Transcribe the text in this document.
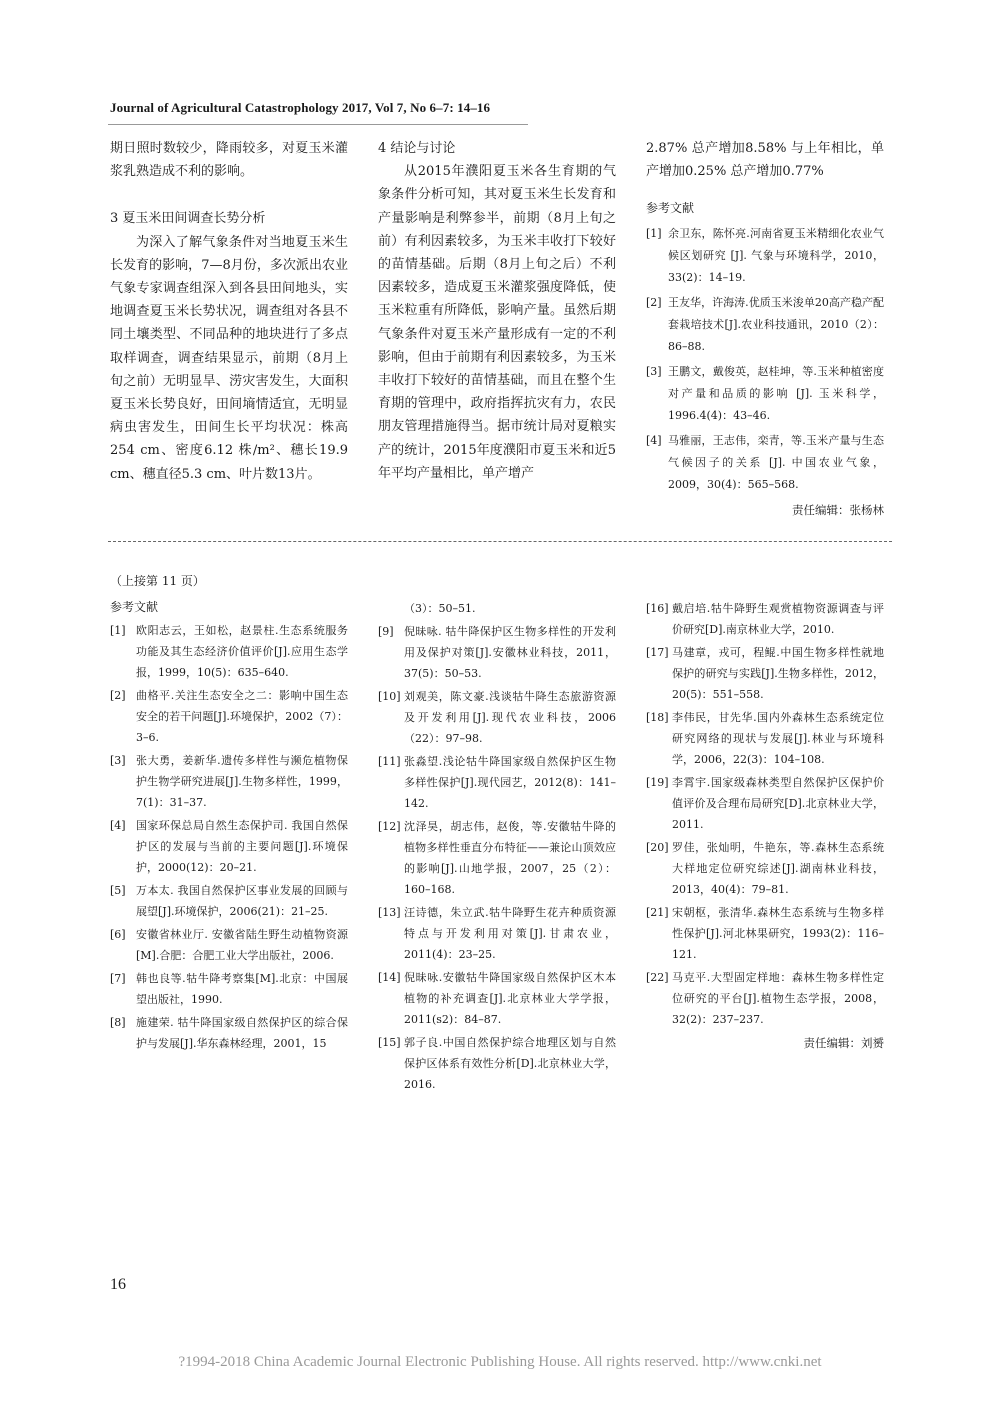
Journal of Agricultural Catastrophology 2017, Vol 7, No 6–7: 14–16

期日照时数较少，降雨较多，对夏玉米灌浆乳熟造成不利的影响。

3 夏玉米田间调查长势分析

为深入了解气象条件对当地夏玉米生长发育的影响，7—8月份，多次派出农业气象专家调查组深入到各县田间地头，实地调查夏玉米长势状况，调查组对各县不同土壤类型、不同品种的地块进行了多点取样调查，调查结果显示，前期（8月上旬之前）无明显旱、涝灾害发生，大面积夏玉米长势良好，田间墒情适宜，无明显病虫害发生，田间生长平均状况：株高254 cm、密度6.12 株/m²、穗长19.9 cm、穗直径5.3 cm、叶片数13片。

4 结论与讨论

从2015年濮阳夏玉米各生育期的气象条件分析可知，其对夏玉米生长发育和产量影响是利弊参半，前期（8月上旬之前）有利因素较多，为玉米丰收打下较好的苗情基础。后期（8月上旬之后）不利因素较多，造成夏玉米灌浆强度降低，使玉米粒重有所降低，影响产量。虽然后期气象条件对夏玉米产量形成有一定的不利影响，但由于前期有利因素较多，为玉米丰收打下较好的苗情基础，而且在整个生育期的管理中，政府指挥抗灾有力，农民朋友管理措施得当。据市统计局对夏粮实产的统计，2015年度濮阳市夏玉米和近5年平均产量相比，单产增产

2.87% 总产增加8.58% 与上年相比，单产增加0.25% 总产增加0.77%

参考文献

[1] 余卫东，陈怀亮.河南省夏玉米精细化农业气候区划研究 [J]. 气象与环境科学，2010，33(2)：14–19.
[2] 王友华，许海涛.优质玉米浚单20高产稳产配套栽培技术[J].农业科技通讯，2010（2）：86–88.
[3] 王鹏文，戴俊英，赵桂坤，等.玉米种植密度对产量和品质的影响 [J]. 玉米科学，1996.4(4)：43–46.
[4] 马雅丽，王志伟，栾青，等.玉米产量与生态气候因子的关系 [J]. 中国农业气象，2009，30(4)：565–568.

责任编辑：张杨林

（上接第 11 页）

参考文献

[1] 欧阳志云，王如松，赵景柱.生态系统服务功能及其生态经济价值评价[J].应用生态学报，1999，10(5)：635–640.
[2] 曲格平.关注生态安全之二：影响中国生态安全的若干问题[J].环境保护，2002（7）：3–6.
[3] 张大勇，姜新华.遗传多样性与濒危植物保护生物学研究进展[J].生物多样性，1999，7(1)：31–37.
[4] 国家环保总局自然生态保护司. 我国自然保护区的发展与当前的主要问题[J].环境保护，2000(12)：20–21.
[5] 万本太. 我国自然保护区事业发展的回顾与展望[J].环境保护，2006(21)：21–25.
[6] 安徽省林业厅. 安徽省陆生野生动植物资源[M].合肥：合肥工业大学出版社，2006.
[7] 韩也良等.牯牛降考察集[M].北京：中国展望出版社，1990.
[8] 施建荣. 牯牛降国家级自然保护区的综合保护与发展[J].华东森林经理，2001，15
（3）：50–51.
[9] 倪昧咏. 牯牛降保护区生物多样性的开发利用及保护对策[J].安徽林业科技，2011，37(5)：50–53.
[10] 刘观美，陈文豪.浅谈牯牛降生态旅游资源及开发利用[J].现代农业科技，2006（22）：97–98.
[11] 张淼望.浅论牯牛降国家级自然保护区生物多样性保护[J].现代园艺，2012(8)：141–142.
[12] 沈泽昊，胡志伟，赵俊，等.安徽牯牛降的植物多样性垂直分布特征——兼论山顶效应的影响[J].山地学报，2007，25（2）：160–168.
[13] 汪诗德，朱立武.牯牛降野生花卉种质资源特点与开发利用对策[J].甘肃农业，2011(4)：23–25.
[14] 倪昧咏.安徽牯牛降国家级自然保护区木本植物的补充调查[J].北京林业大学学报，2011(s2)：84–87.
[15] 郭子良.中国自然保护综合地理区划与自然保护区体系有效性分析[D].北京林业大学，2016.
[16] 戴启培.牯牛降野生观赏植物资源调查与评价研究[D].南京林业大学，2010.
[17] 马建章，戎可，程鲲.中国生物多样性就地保护的研究与实践[J].生物多样性，2012，20(5)：551–558.
[18] 李伟民，甘先华.国内外森林生态系统定位研究网络的现状与发展[J].林业与环境科学，2006，22(3)：104–108.
[19] 李霄宇.国家级森林类型自然保护区保护价值评价及合理布局研究[D].北京林业大学，2011.
[20] 罗佳，张灿明，牛艳东，等.森林生态系统大样地定位研究综述[J].湖南林业科技，2013，40(4)：79–81.
[21] 宋朝枢，张清华.森林生态系统与生物多样性保护[J].河北林果研究，1993(2)：116–121.
[22] 马克平.大型固定样地：森林生物多样性定位研究的平台[J].植物生态学报，2008，32(2)：237–237.

责任编辑：刘赟

16
?1994-2018 China Academic Journal Electronic Publishing House. All rights reserved. http://www.cnki.net
